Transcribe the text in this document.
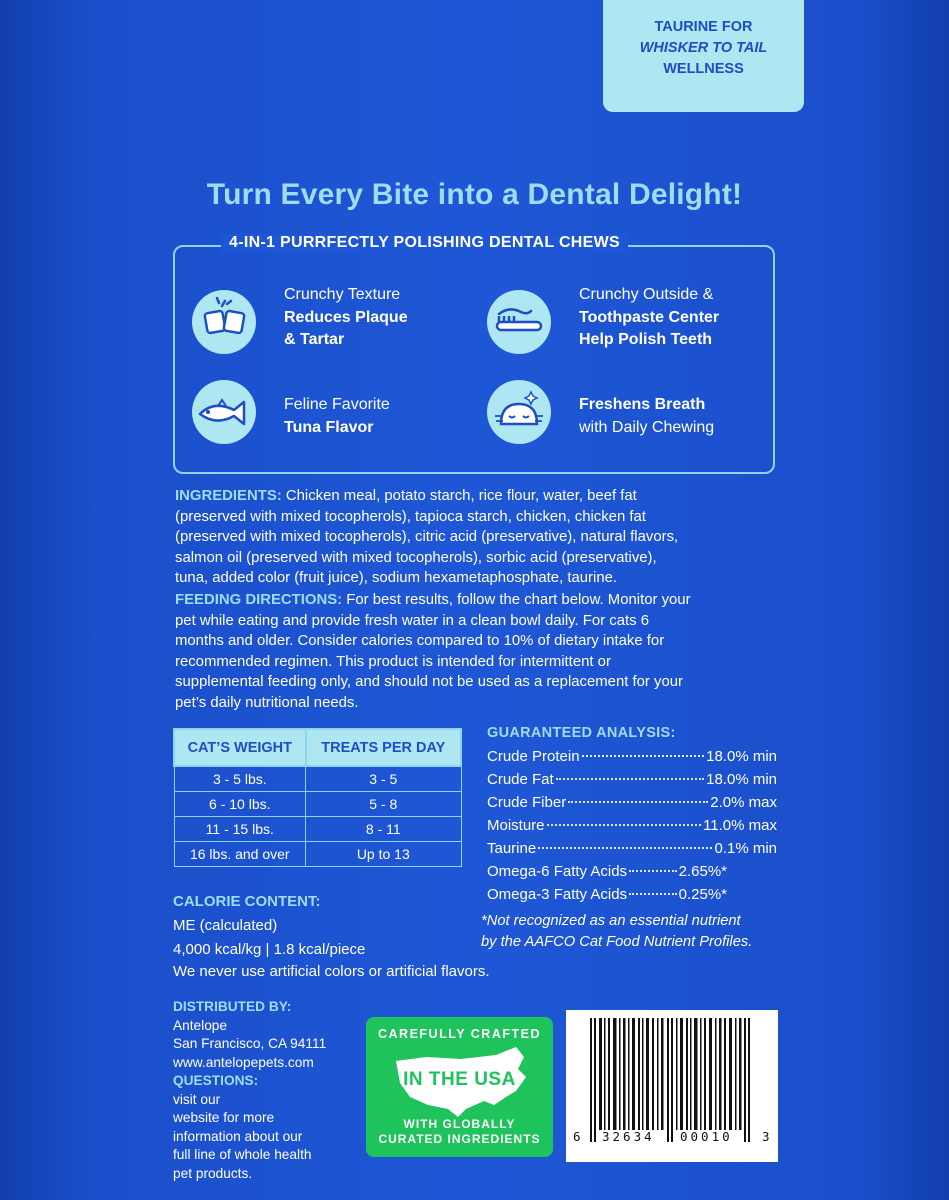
TAURINE FOR
WHISKER TO TAIL
WELLNESS
Turn Every Bite into a Dental Delight!
4-IN-1 PURRFECTLY POLISHING DENTAL CHEWS
Crunchy Texture
Reduces Plaque
& Tartar
Crunchy Outside &
Toothpaste Center
Help Polish Teeth
Feline Favorite
Tuna Flavor
Freshens Breath
with Daily Chewing
INGREDIENTS: Chicken meal, potato starch, rice flour, water, beef fat
(preserved with mixed tocopherols), tapioca starch, chicken, chicken fat
(preserved with mixed tocopherols), citric acid (preservative), natural flavors,
salmon oil (preserved with mixed tocopherols), sorbic acid (preservative),
tuna, added color (fruit juice), sodium hexametaphosphate, taurine.
FEEDING DIRECTIONS: For best results, follow the chart below. Monitor your
pet while eating and provide fresh water in a clean bowl daily. For cats 6
months and older. Consider calories compared to 10% of dietary intake for
recommended regimen. This product is intended for intermittent or
supplemental feeding only, and should not be used as a replacement for your
pet’s daily nutritional needs.
CAT’S WEIGHT	TREATS PER DAY
3 - 5 lbs.	3 - 5
6 - 10 lbs.	5 - 8
11 - 15 lbs.	8 - 11
16 lbs. and over	Up to 13
GUARANTEED ANALYSIS:
Crude Protein	18.0% min
Crude Fat	18.0% min
Crude Fiber	2.0% max
Moisture	11.0% max
Taurine	0.1% min
Omega-6 Fatty Acids	2.65%*
Omega-3 Fatty Acids	0.25%*
*Not recognized as an essential nutrient
by the AAFCO Cat Food Nutrient Profiles.
CALORIE CONTENT:
ME (calculated)
4,000 kcal/kg | 1.8 kcal/piece
We never use artificial colors or artificial flavors.
DISTRIBUTED BY:
Antelope
San Francisco, CA 94111
www.antelopepets.com
QUESTIONS:
visit our
website for more
information about our
full line of whole health
pet products.
CAREFULLY CRAFTED
IN THE USA
WITH GLOBALLY
CURATED INGREDIENTS	6 32634 00010 3
